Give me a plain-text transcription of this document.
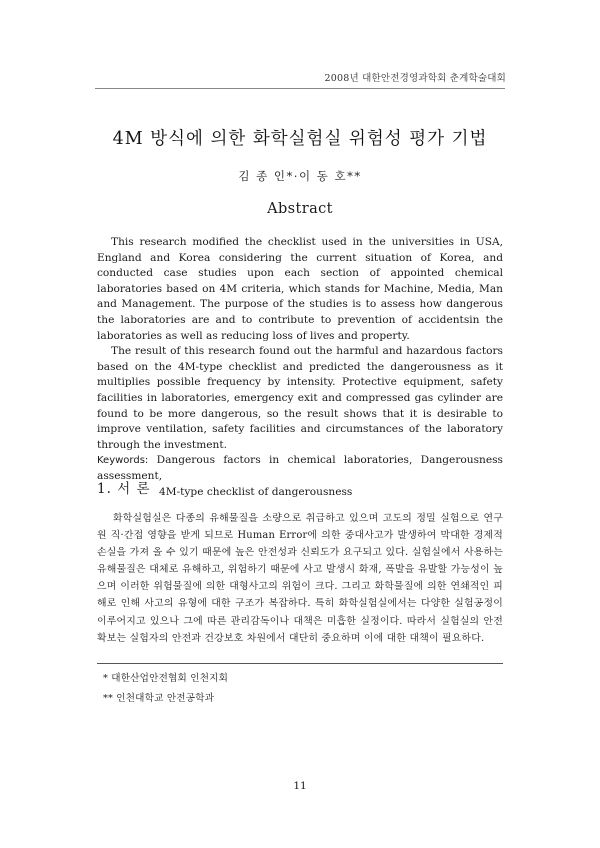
2008년 대한안전경영과학회 춘계학술대회
4M 방식에 의한 화학실험실 위험성 평가 기법
김 종 인*·이 동 호**
Abstract

This research modified the checklist used in the universities in USA, England and Korea considering the current situation of Korea, and conducted case studies upon each section of appointed chemical laboratories based on 4M criteria, which stands for Machine, Media, Man and Management. The purpose of the studies is to assess how dangerous the laboratories are and to contribute to prevention of accidentsin the laboratories as well as reducing loss of lives and property.

The result of this research found out the harmful and hazardous factors based on the 4M-type checklist and predicted the dangerousness as it multiplies possible frequency by intensity. Protective equipment, safety facilities in laboratories, emergency exit and compressed gas cylinder are found to be more dangerous, so the result shows that it is desirable to improve ventilation, safety facilities and circumstances of the laboratory through the investment.

Keywords: Dangerous factors in chemical laboratories, Dangerousness assessment,
4M-type checklist of dangerousness
1. 서 론

화학실험실은 다종의 유해물질을 소량으로 취급하고 있으며 고도의 정밀 실험으로 연구원 직·간접 영향을 받게 되므로 Human Error에 의한 중대사고가 발생하여 막대한 경제적 손실을 가져 올 수 있기 때문에 높은 안전성과 신뢰도가 요구되고 있다. 실험실에서 사용하는 유해물질은 대체로 유해하고, 위험하기 때문에 사고 발생시 화재, 폭발을 유발할 가능성이 높으며 이러한 위험물질에 의한 대형사고의 위험이 크다. 그리고 화학물질에 의한 연쇄적인 피해로 인해 사고의 유형에 대한 구조가 복잡하다. 특히 화학실험실에서는 다양한 실험공정이 이루어지고 있으나 그에 따른 관리감독이나 대책은 미흡한 실정이다. 따라서 실험실의 안전 확보는 실험자의 안전과 건강보호 차원에서 대단히 중요하며 이에 대한 대책이 필요하다.

* 대한산업안전협회 인천지회
** 인천대학교 안전공학과
11
